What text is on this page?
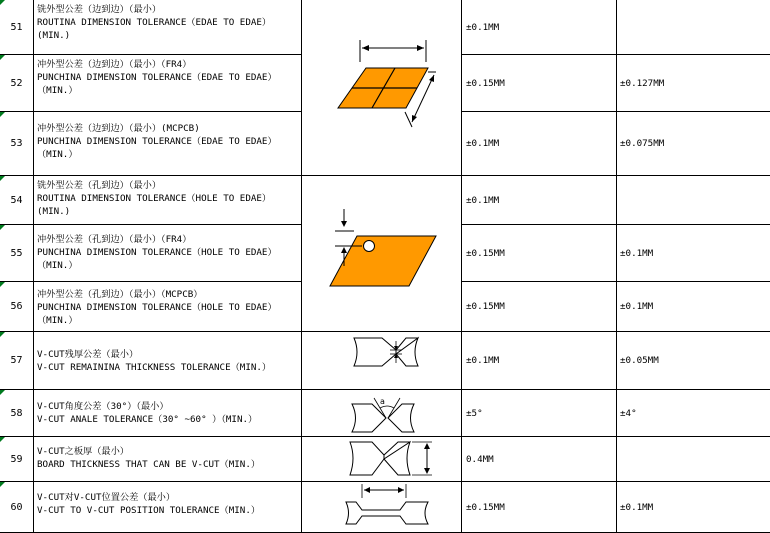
51
铣外型公差（边到边）（最小）
ROUTINA DIMENSION TOLERANCE（EDAE TO EDAE）
(MIN.)
±0.1MM
52
冲外型公差（边到边）（最小）（FR4）
PUNCHINA DIMENSION TOLERANCE（EDAE TO EDAE）
（MIN.）
±0.15MM	±0.127MM
53
冲外型公差（边到边）（最小）(MCPCB)
PUNCHINA DIMENSION TOLERANCE（EDAE TO EDAE）
（MIN.）
±0.1MM	±0.075MM
54
铣外型公差（孔到边）（最小）
ROUTINA DIMENSION TOLERANCE（HOLE TO EDAE）
(MIN.)
±0.1MM
55
冲外型公差（孔到边）（最小）（FR4）
PUNCHINA DIMENSION TOLERANCE（HOLE TO EDAE）
（MIN.）
±0.15MM	±0.1MM
56
冲外型公差（孔到边）（最小）（MCPCB）
PUNCHINA DIMENSION TOLERANCE（HOLE TO EDAE）
（MIN.）
±0.15MM	±0.1MM
57
V-CUT残厚公差（最小）
V-CUT REMAININA THICKNESS TOLERANCE（MIN.）
±0.1MM	±0.05MM
58
V-CUT角度公差（30°）（最小）
V-CUT ANALE TOLERANCE（30° ~60° ）（MIN.）
±5°	±4°
59
V-CUT之板厚（最小）
BOARD THICKNESS THAT CAN BE V-CUT（MIN.）	0.4MM
60
V-CUT对V-CUT位置公差（最小）
V-CUT TO V-CUT POSITION TOLERANCE（MIN.）	±0.15MM	±0.1MM
a
